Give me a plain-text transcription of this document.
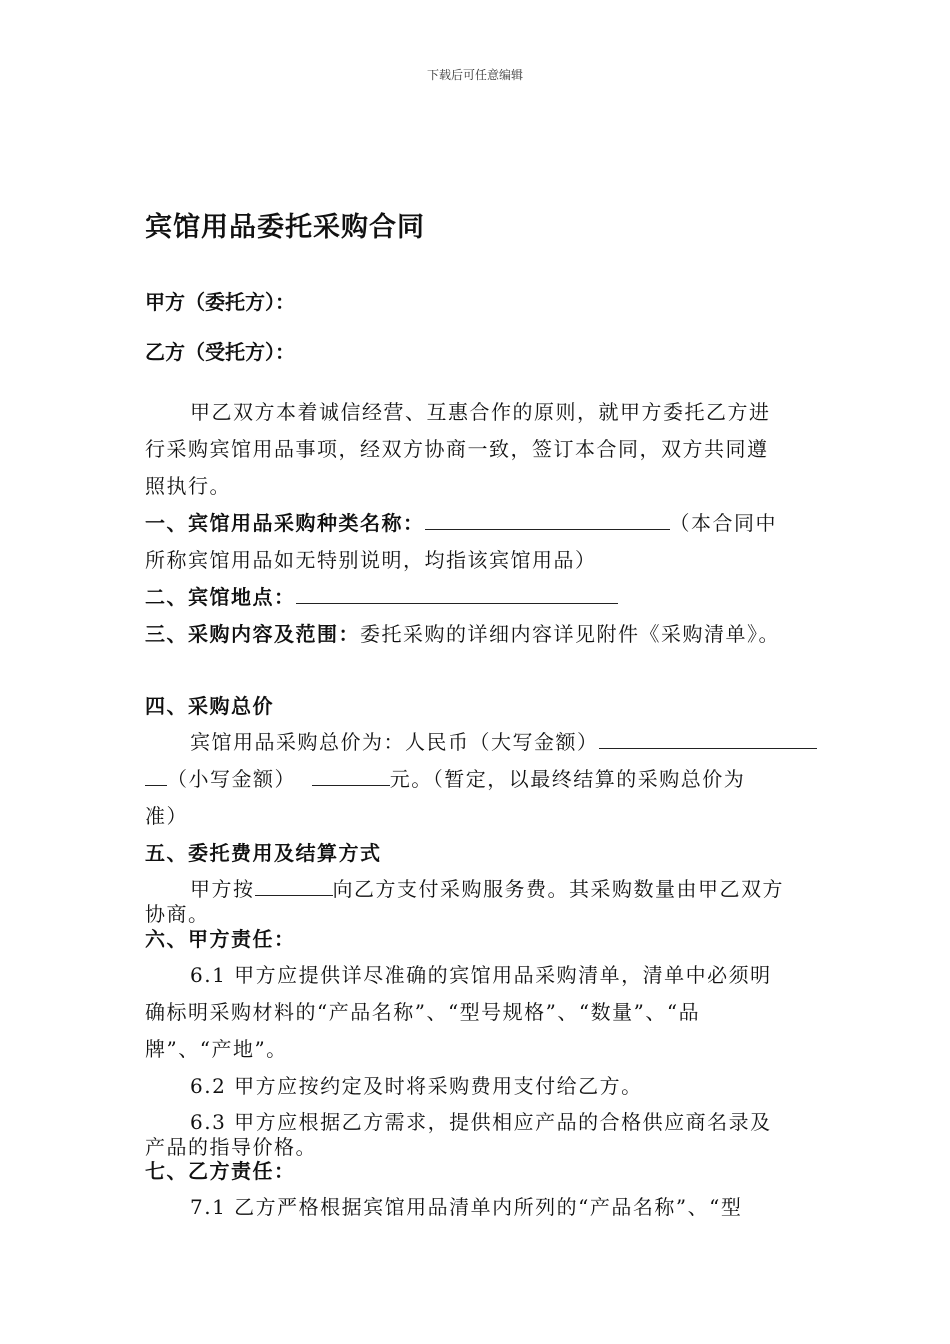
下载后可任意编辑
宾馆用品委托采购合同
甲方（委托方）：
乙方（受托方）：
甲乙双方本着诚信经营、互惠合作的原则，就甲方委托乙方进
行采购宾馆用品事项，经双方协商一致，签订本合同，双方共同遵
照执行。
一、宾馆用品采购种类名称：	（本合同中
所称宾馆用品如无特别说明，均指该宾馆用品）
二、宾馆地点：
三、采购内容及范围：委托采购的详细内容详见附件《采购清单》。
四、采购总价
宾馆用品采购总价为：人民币（大写金额）
（小写金额）	元。（暂定，以最终结算的采购总价为
准）
五、委托费用及结算方式
甲方按	向乙方支付采购服务费。其采购数量由甲乙双方
协商。
六、甲方责任：
6.1 甲方应提供详尽准确的宾馆用品采购清单，清单中必须明
确标明采购材料的“产品名称”、“型号规格”、“数量”、“品
牌”、“产地”。
6.2 甲方应按约定及时将采购费用支付给乙方。
6.3 甲方应根据乙方需求，提供相应产品的合格供应商名录及
产品的指导价格。
七、乙方责任：
7.1 乙方严格根据宾馆用品清单内所列的“产品名称”、“型
